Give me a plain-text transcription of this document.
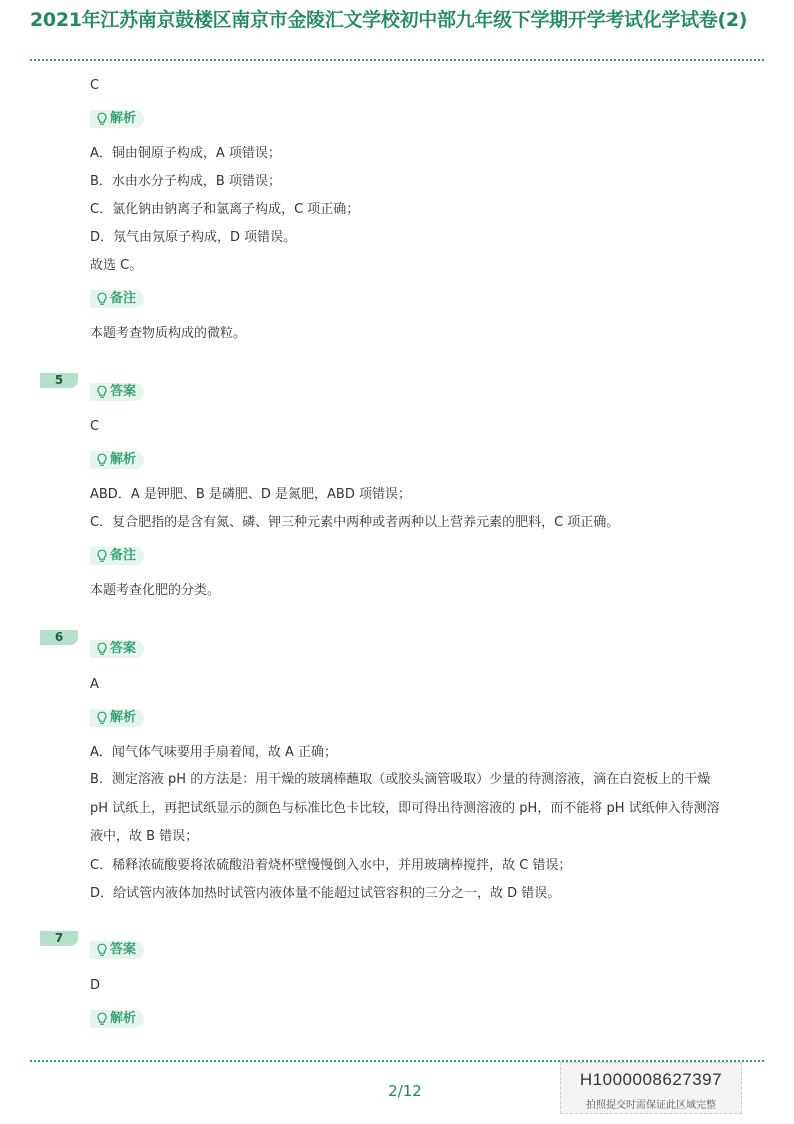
2021年江苏南京鼓楼区南京市金陵汇文学校初中部九年级下学期开学考试化学试卷(2)
C
解析
A．铜由铜原子构成，A 项错误；
B．水由水分子构成，B 项错误；
C．氯化钠由钠离子和氯离子构成，C 项正确；
D．氖气由氖原子构成，D 项错误。
故选 C。
备注
本题考查物质构成的微粒。
5
答案
C
解析
ABD．A 是钾肥、B 是磷肥、D 是氮肥，ABD 项错误；
C．复合肥指的是含有氮、磷、钾三种元素中两种或者两种以上营养元素的肥料，C 项正确。
备注
本题考查化肥的分类。
6
答案
A
解析
A．闻气体气味要用手扇着闻，故 A 正确；
B．测定溶液 pH 的方法是：用干燥的玻璃棒蘸取（或胶头滴管吸取）少量的待测溶液，滴在白瓷板上的干燥 pH 试纸上，再把试纸显示的颜色与标准比色卡比较，即可得出待测溶液的 pH，而不能将 pH 试纸伸入待测溶液中，故 B 错误；
C．稀释浓硫酸要将浓硫酸沿着烧杯壁慢慢倒入水中，并用玻璃棒搅拌，故 C 错误；
D．给试管内液体加热时试管内液体量不能超过试管容积的三分之一，故 D 错误。
7
答案
D
解析
2/12
H1000008627397
拍照提交时需保证此区域完整
